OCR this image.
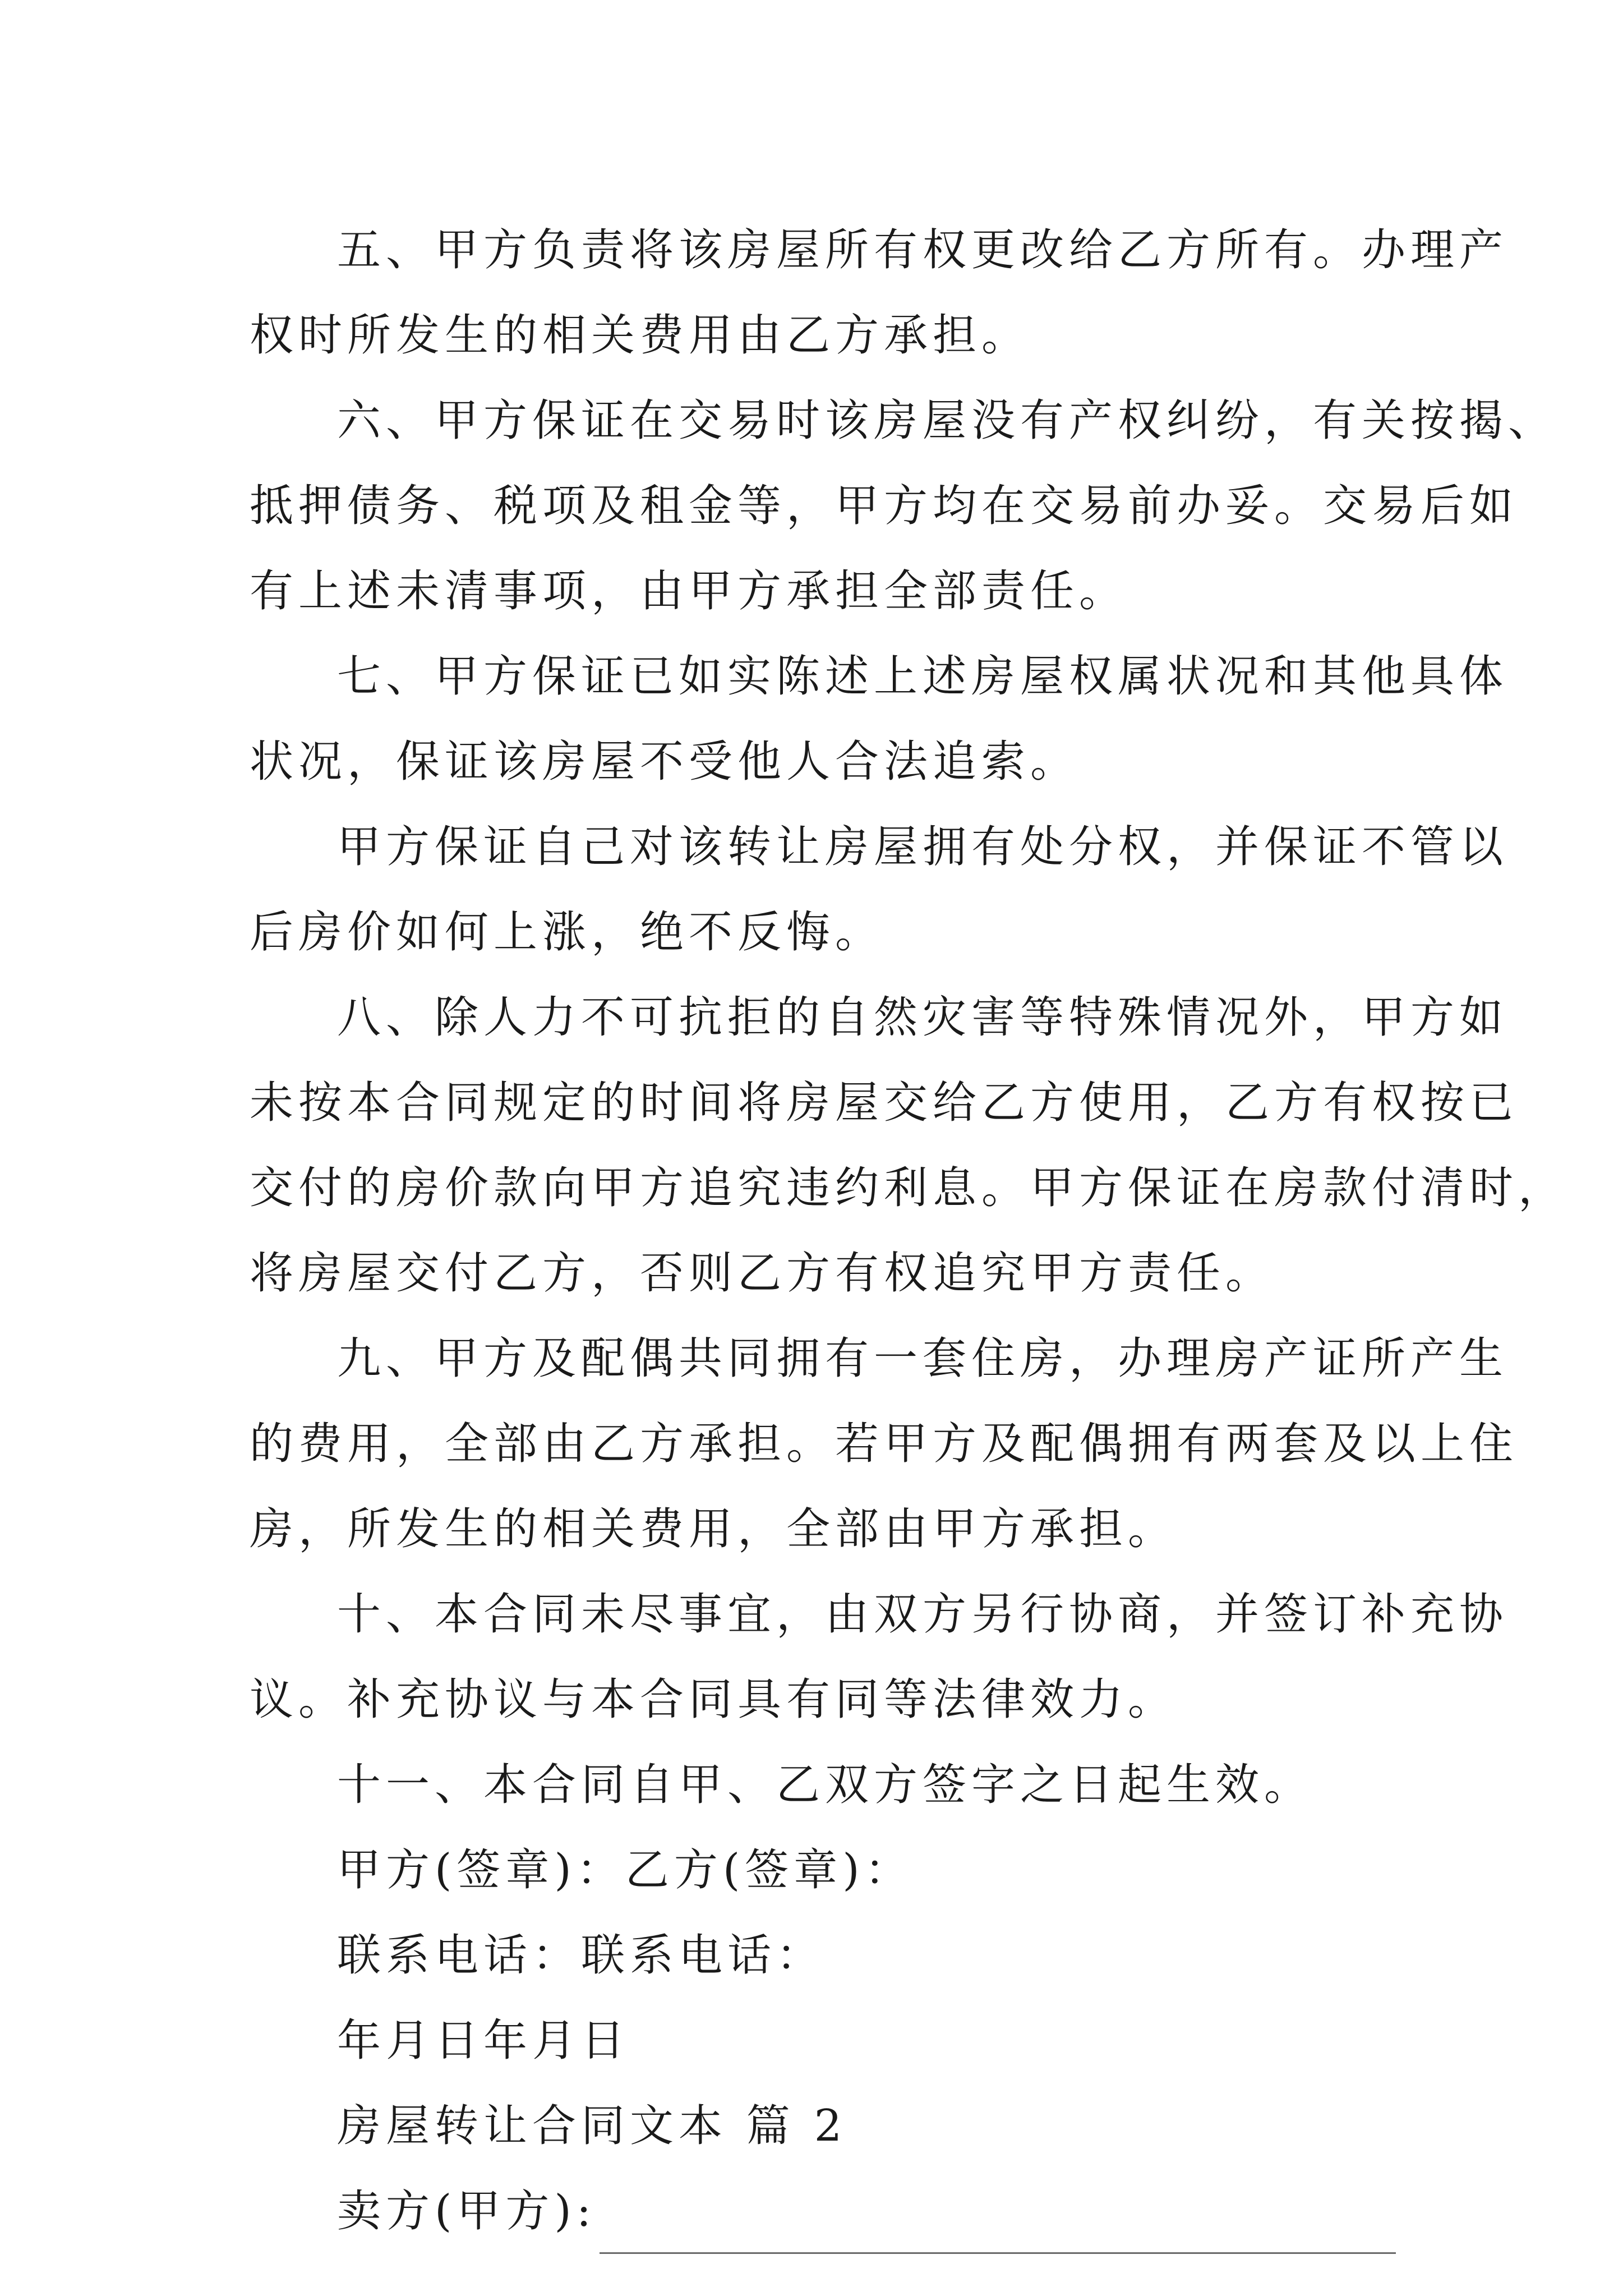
五、甲方负责将该房屋所有权更改给乙方所有。办理产
权时所发生的相关费用由乙方承担。
六、甲方保证在交易时该房屋没有产权纠纷，有关按揭、
抵押债务、税项及租金等，甲方均在交易前办妥。交易后如
有上述未清事项，由甲方承担全部责任。
七、甲方保证已如实陈述上述房屋权属状况和其他具体
状况，保证该房屋不受他人合法追索。
甲方保证自己对该转让房屋拥有处分权，并保证不管以
后房价如何上涨，绝不反悔。
八、除人力不可抗拒的自然灾害等特殊情况外，甲方如
未按本合同规定的时间将房屋交给乙方使用，乙方有权按已
交付的房价款向甲方追究违约利息。甲方保证在房款付清时，
将房屋交付乙方，否则乙方有权追究甲方责任。
九、甲方及配偶共同拥有一套住房，办理房产证所产生
的费用，全部由乙方承担。若甲方及配偶拥有两套及以上住
房，所发生的相关费用，全部由甲方承担。
十、本合同未尽事宜，由双方另行协商，并签订补充协
议。补充协议与本合同具有同等法律效力。
十一、本合同自甲、乙双方签字之日起生效。
甲方(签章)：乙方(签章)：
联系电话：联系电话：
年月日年月日
房屋转让合同文本 篇 2
卖方(甲方):
